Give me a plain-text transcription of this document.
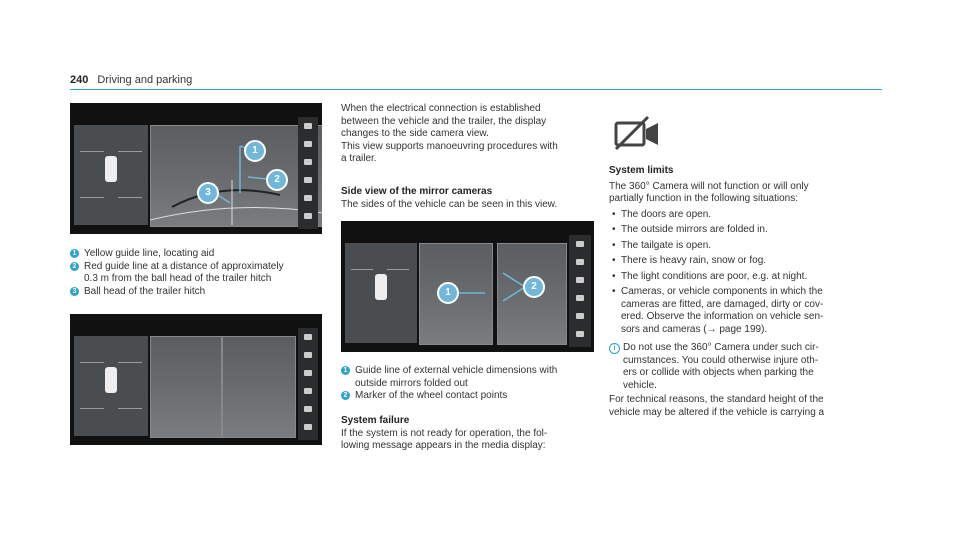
240 Driving and parking
1
2
3
1 Yellow guide line, locating aid
2 Red guide line at a distance of approximately
0.3 m from the ball head of the trailer hitch
3 Ball head of the trailer hitch
When the electrical connection is established
between the vehicle and the trailer, the display
changes to the side camera view.
This view supports manoeuvring procedures with
a trailer.
Side view of the mirror cameras
The sides of the vehicle can be seen in this view.
1
2
1 Guide line of external vehicle dimensions with
outside mirrors folded out
2 Marker of the wheel contact points
System failure
If the system is not ready for operation, the fol-
lowing message appears in the media display:
System limits
The 360° Camera will not function or will only
partially function in the following situations:
• The doors are open.
• The outside mirrors are folded in.
• The tailgate is open.
• There is heavy rain, snow or fog.
• The light conditions are poor, e.g. at night.
• Cameras, or vehicle components in which the
cameras are fitted, are damaged, dirty or cov-
ered. Observe the information on vehicle sen-
sors and cameras (→ page 199).
i Do not use the 360° Camera under such cir-
cumstances. You could otherwise injure oth-
ers or collide with objects when parking the
vehicle.
For technical reasons, the standard height of the
vehicle may be altered if the vehicle is carrying a
